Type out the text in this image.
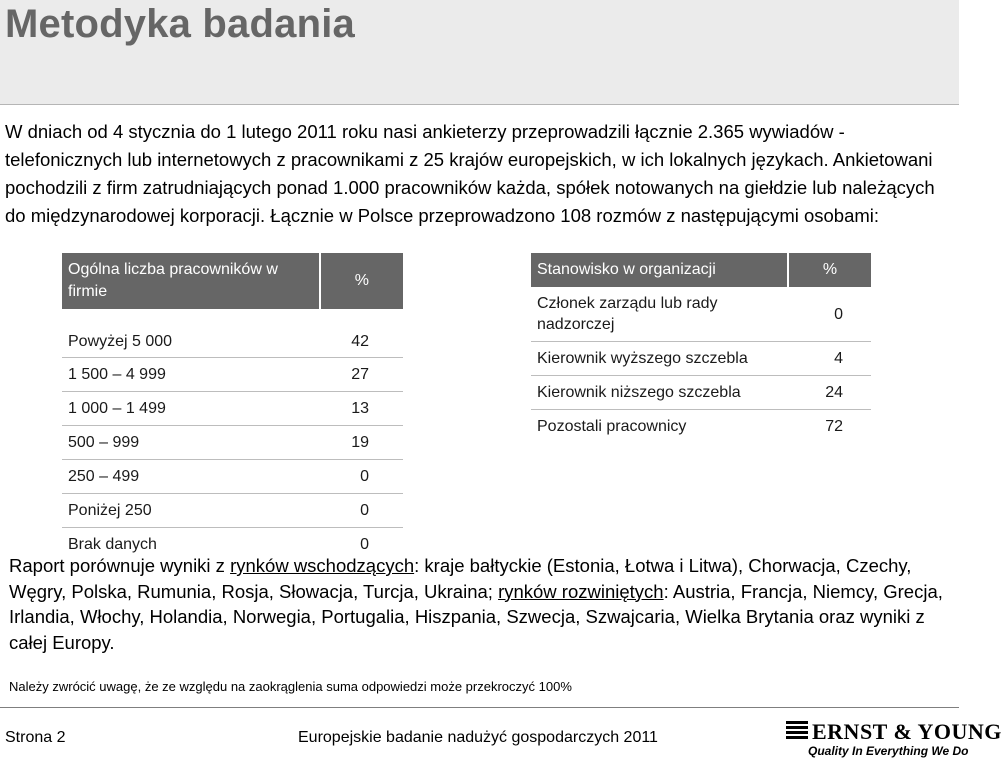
Metodyka badania
W dniach od 4 stycznia do 1 lutego 2011 roku nasi ankieterzy przeprowadzili łącznie 2.365 wywiadów - telefonicznych lub internetowych z pracownikami z 25 krajów europejskich, w ich lokalnych językach. Ankietowani pochodzili z firm zatrudniających ponad 1.000 pracowników każda, spółek notowanych na giełdzie lub należących do międzynarodowej korporacji. Łącznie w Polsce przeprowadzono 108 rozmów z następującymi osobami:
Ogólna liczba pracowników w firmie	%
Powyżej 5 000	42
1 500 – 4 999	27
1 000 – 1 499	13
500 – 999	19
250 – 499	0
Poniżej 250	0
Brak danych	0
Stanowisko w organizacji	%
Członek zarządu lub rady nadzorczej	0
Kierownik wyższego szczebla	4
Kierownik niższego szczebla	24
Pozostali pracownicy	72
Raport porównuje wyniki z rynków wschodzących: kraje bałtyckie (Estonia, Łotwa i Litwa), Chorwacja, Czechy, Węgry, Polska, Rumunia, Rosja, Słowacja, Turcja, Ukraina; rynków rozwiniętych: Austria, Francja, Niemcy, Grecja, Irlandia, Włochy, Holandia, Norwegia, Portugalia, Hiszpania, Szwecja, Szwajcaria, Wielka Brytania oraz wyniki z całej Europy.
Należy zwrócić uwagę, że ze względu na zaokrąglenia suma odpowiedzi może przekroczyć 100%
Strona 2	Europejskie badanie nadużyć gospodarczych 2011	ERNST & YOUNG
Quality In Everything We Do
